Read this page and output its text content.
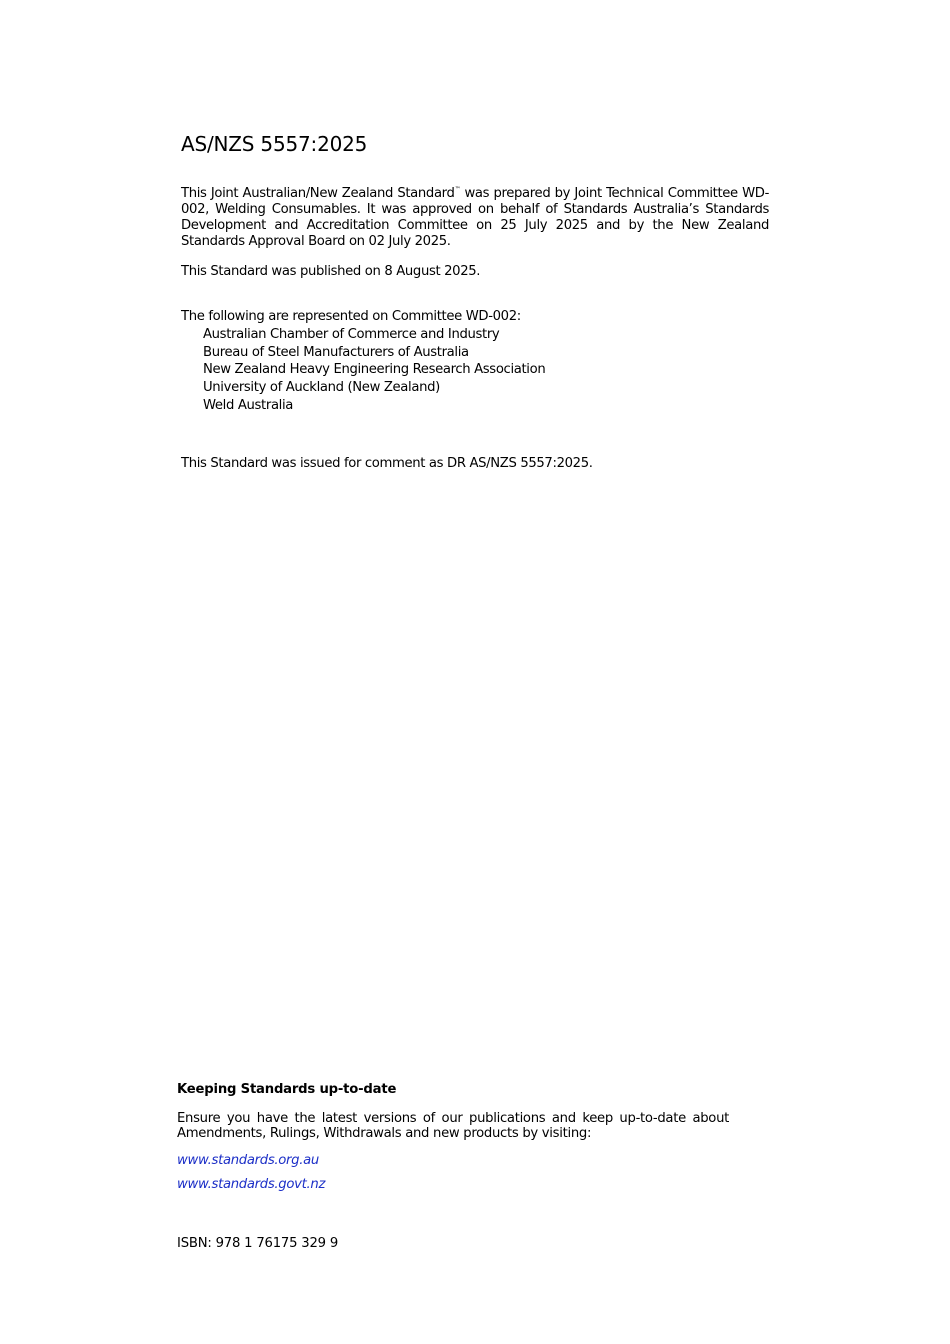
AS/NZS 5557:2025

This Joint Australian/New Zealand Standard™ was prepared by Joint Technical Committee WD-002, Welding Consumables. It was approved on behalf of Standards Australia’s Standards Development and Accreditation Committee on 25 July 2025 and by the New Zealand Standards Approval Board on 02 July 2025.

This Standard was published on 8 August 2025.

The following are represented on Committee WD-002:
Australian Chamber of Commerce and Industry
Bureau of Steel Manufacturers of Australia
New Zealand Heavy Engineering Research Association
University of Auckland (New Zealand)
Weld Australia

This Standard was issued for comment as DR AS/NZS 5557:2025.

Keeping Standards up-to-date

Ensure you have the latest versions of our publications and keep up-to-date about Amendments, Rulings, Withdrawals and new products by visiting:

www.standards.org.au
www.standards.govt.nz

ISBN: 978 1 76175 329 9
